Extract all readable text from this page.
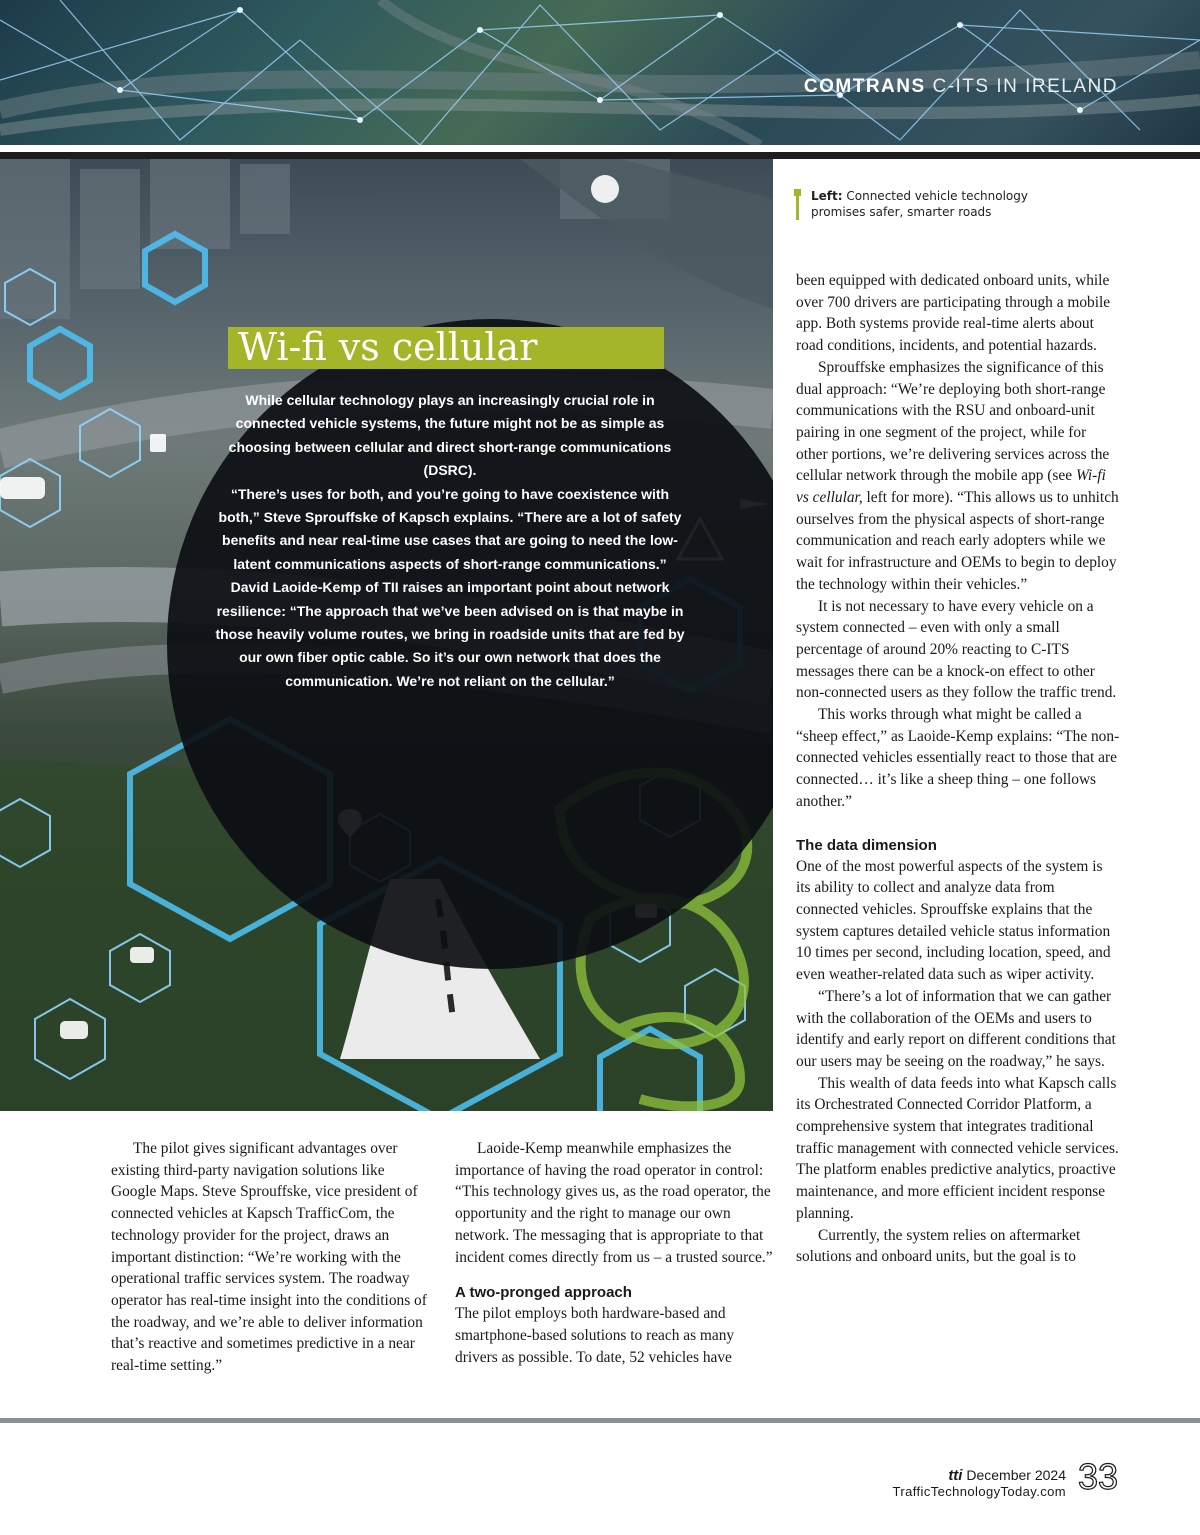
COMTRANS C-ITS IN IRELAND
Wi-fi vs cellular

While cellular technology plays an increasingly crucial role in connected vehicle systems, the future might not be as simple as choosing between cellular and direct short-range communications (DSRC).

“There’s uses for both, and you’re going to have coexistence with both,” Steve Sprouffske of Kapsch explains. “There are a lot of safety benefits and near real-time use cases that are going to need the low-latent communications aspects of short-range communications.”

David Laoide-Kemp of TII raises an important point about network resilience: “The approach that we’ve been advised on is that maybe in those heavily volume routes, we bring in roadside units that are fed by our own fiber optic cable. So it’s our own network that does the communication. We’re not reliant on the cellular.”

Left: Connected vehicle technology promises safer, smarter roads

The pilot gives significant advantages over existing third-party navigation solutions like Google Maps. Steve Sprouffske, vice president of connected vehicles at Kapsch TrafficCom, the technology provider for the project, draws an important distinction: “We’re working with the operational traffic services system. The roadway operator has real-time insight into the conditions of the roadway, and we’re able to deliver information that’s reactive and sometimes predictive in a near real-time setting.”

Laoide-Kemp meanwhile emphasizes the importance of having the road operator in control: “This technology gives us, as the road operator, the opportunity and the right to manage our own network. The messaging that is appropriate to that incident comes directly from us – a trusted source.”

A two-pronged approach

The pilot employs both hardware-based and smartphone-based solutions to reach as many drivers as possible. To date, 52 vehicles have

been equipped with dedicated onboard units, while over 700 drivers are participating through a mobile app. Both systems provide real-time alerts about road conditions, incidents, and potential hazards.

Sprouffske emphasizes the significance of this dual approach: “We’re deploying both short-range communications with the RSU and onboard-unit pairing in one segment of the project, while for other portions, we’re delivering services across the cellular network through the mobile app (see Wi-fi vs cellular, left for more). “This allows us to unhitch ourselves from the physical aspects of short-range communication and reach early adopters while we wait for infrastructure and OEMs to begin to deploy the technology within their vehicles.”

It is not necessary to have every vehicle on a system connected – even with only a small percentage of around 20% reacting to C-ITS messages there can be a knock-on effect to other non-connected users as they follow the traffic trend.

This works through what might be called a “sheep effect,” as Laoide-Kemp explains: “The non-connected vehicles essentially react to those that are connected… it’s like a sheep thing – one follows another.”

The data dimension

One of the most powerful aspects of the system is its ability to collect and analyze data from connected vehicles. Sprouffske explains that the system captures detailed vehicle status information 10 times per second, including location, speed, and even weather-related data such as wiper activity.

“There’s a lot of information that we can gather with the collaboration of the OEMs and users to identify and early report on different conditions that our users may be seeing on the roadway,” he says.

This wealth of data feeds into what Kapsch calls its Orchestrated Connected Corridor Platform, a comprehensive system that integrates traditional traffic management with connected vehicle services. The platform enables predictive analytics, proactive maintenance, and more efficient incident response planning.

Currently, the system relies on aftermarket solutions and onboard units, but the goal is to

tti December 2024
TrafficTechnologyToday.com 33
